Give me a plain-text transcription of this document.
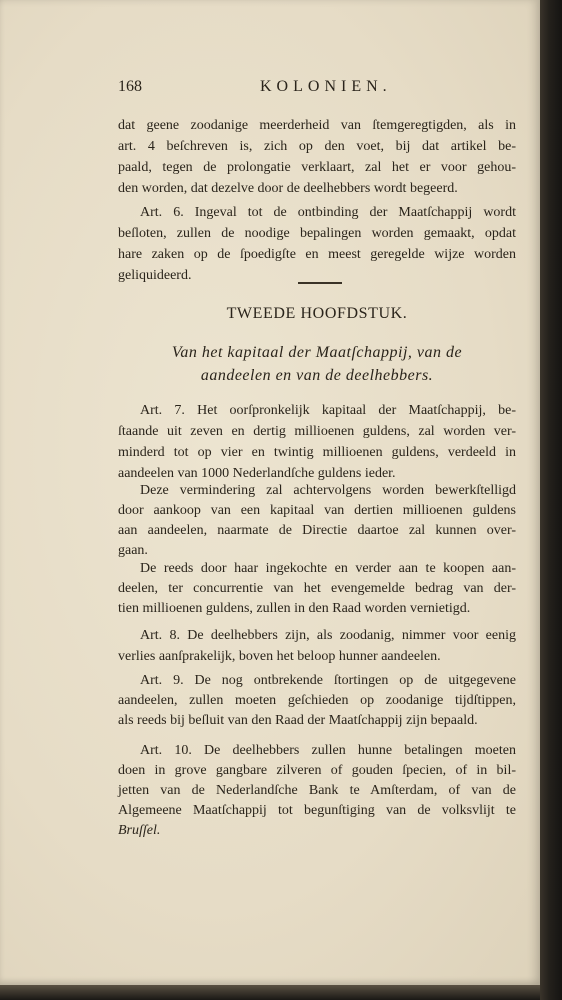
168	KOLONIEN.
dat geene zoodanige meerderheid van ſtemgeregtigden, als in
art. 4 beſchreven is, zich op den voet, bij dat artikel be-
paald, tegen de prolongatie verklaart, zal het er voor gehou-
den worden, dat dezelve door de deelhebbers wordt begeerd.
Art. 6. Ingeval tot de ontbinding der Maatſchappij wordt
beſloten, zullen de noodige bepalingen worden gemaakt, opdat
hare zaken op de ſpoedigſte en meest geregelde wijze worden
geliquideerd.
TWEEDE HOOFDSTUK.
Van het kapitaal der Maatſchappij, van de
aandeelen en van de deelhebbers.
Art. 7. Het oorſpronkelijk kapitaal der Maatſchappij, be-
ſtaande uit zeven en dertig millioenen guldens, zal worden ver-
minderd tot op vier en twintig millioenen guldens, verdeeld in
aandeelen van 1000 Nederlandſche guldens ieder.
Deze vermindering zal achtervolgens worden bewerkſtelligd
door aankoop van een kapitaal van dertien millioenen guldens
aan aandeelen, naarmate de Directie daartoe zal kunnen over-
gaan.
De reeds door haar ingekochte en verder aan te koopen aan-
deelen, ter concurrentie van het evengemelde bedrag van der-
tien millioenen guldens, zullen in den Raad worden vernietigd.
Art. 8. De deelhebbers zijn, als zoodanig, nimmer voor eenig
verlies aanſprakelijk, boven het beloop hunner aandeelen.
Art. 9. De nog ontbrekende ſtortingen op de uitgegevene
aandeelen, zullen moeten geſchieden op zoodanige tijdſtippen,
als reeds bij beſluit van den Raad der Maatſchappij zijn bepaald.
Art. 10. De deelhebbers zullen hunne betalingen moeten
doen in grove gangbare zilveren of gouden ſpecien, of in bil-
jetten van de Nederlandſche Bank te Amſterdam, of van de
Algemeene Maatſchappij tot begunſtiging van de volksvlijt te
Bruſſel.
